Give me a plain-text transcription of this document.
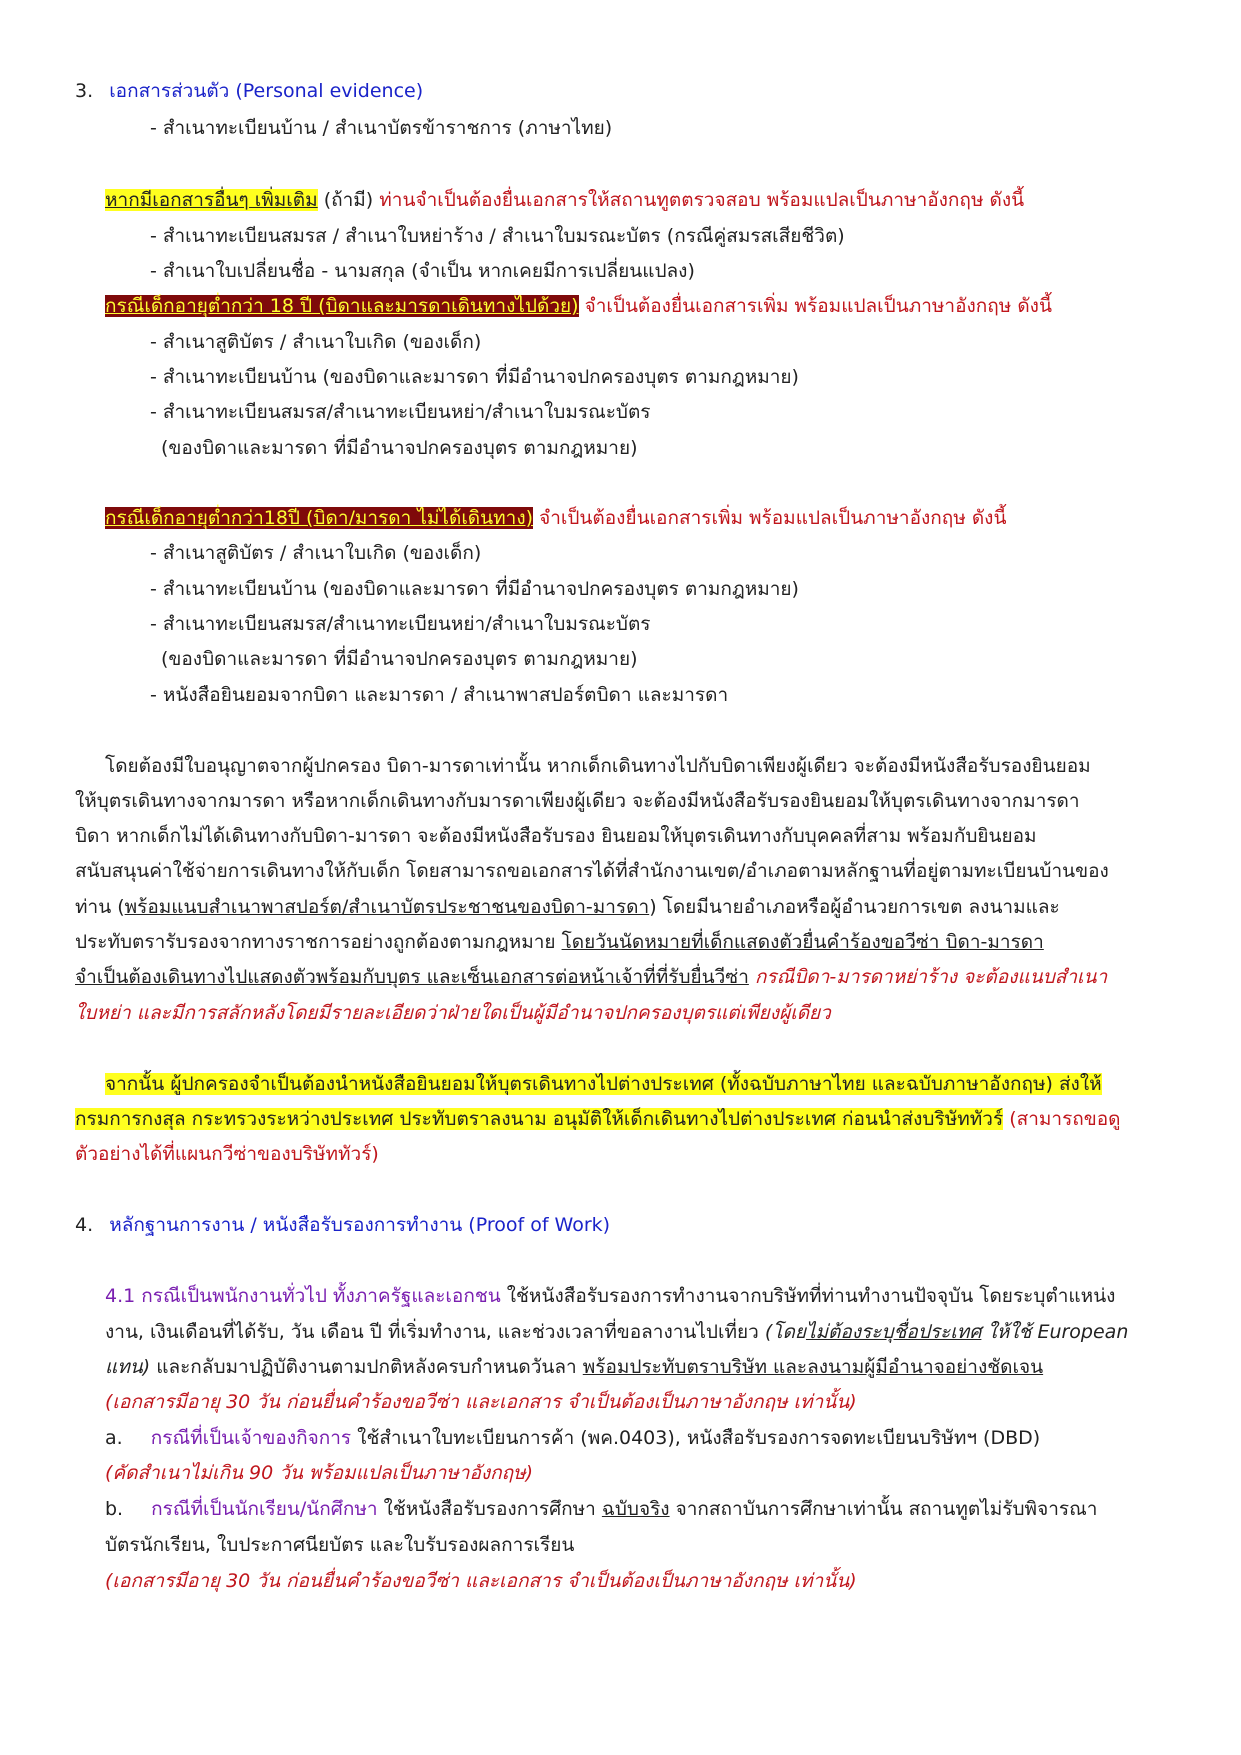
3. เอกสารส่วนตัว (Personal evidence)
- สำเนาทะเบียนบ้าน / สำเนาบัตรข้าราชการ (ภาษาไทย)
หากมีเอกสารอื่นๆ เพิ่มเติม (ถ้ามี) ท่านจำเป็นต้องยื่นเอกสารให้สถานทูตตรวจสอบ พร้อมแปลเป็นภาษาอังกฤษ ดังนี้
- สำเนาทะเบียนสมรส / สำเนาใบหย่าร้าง / สำเนาใบมรณะบัตร (กรณีคู่สมรสเสียชีวิต)
- สำเนาใบเปลี่ยนชื่อ - นามสกุล (จำเป็น หากเคยมีการเปลี่ยนแปลง)
กรณีเด็กอายุต่ำกว่า 18 ปี (บิดาและมารดาเดินทางไปด้วย) จำเป็นต้องยื่นเอกสารเพิ่ม พร้อมแปลเป็นภาษาอังกฤษ ดังนี้
- สำเนาสูติบัตร / สำเนาใบเกิด (ของเด็ก)
- สำเนาทะเบียนบ้าน (ของบิดาและมารดา ที่มีอำนาจปกครองบุตร ตามกฎหมาย)
- สำเนาทะเบียนสมรส/สำเนาทะเบียนหย่า/สำเนาใบมรณะบัตร
(ของบิดาและมารดา ที่มีอำนาจปกครองบุตร ตามกฎหมาย)
กรณีเด็กอายุต่ำกว่า18ปี (บิดา/มารดา ไม่ได้เดินทาง) จำเป็นต้องยื่นเอกสารเพิ่ม พร้อมแปลเป็นภาษาอังกฤษ ดังนี้
- สำเนาสูติบัตร / สำเนาใบเกิด (ของเด็ก)
- สำเนาทะเบียนบ้าน (ของบิดาและมารดา ที่มีอำนาจปกครองบุตร ตามกฎหมาย)
- สำเนาทะเบียนสมรส/สำเนาทะเบียนหย่า/สำเนาใบมรณะบัตร
(ของบิดาและมารดา ที่มีอำนาจปกครองบุตร ตามกฎหมาย)
- หนังสือยินยอมจากบิดา และมารดา / สำเนาพาสปอร์ตบิดา และมารดา
โดยต้องมีใบอนุญาตจากผู้ปกครอง บิดา-มารดาเท่านั้น หากเด็กเดินทางไปกับบิดาเพียงผู้เดียว จะต้องมีหนังสือรับรองยินยอม
ให้บุตรเดินทางจากมารดา หรือหากเด็กเดินทางกับมารดาเพียงผู้เดียว จะต้องมีหนังสือรับรองยินยอมให้บุตรเดินทางจากมารดา
บิดา หากเด็กไม่ได้เดินทางกับบิดา-มารดา จะต้องมีหนังสือรับรอง ยินยอมให้บุตรเดินทางกับบุคคลที่สาม พร้อมกับยินยอม
สนับสนุนค่าใช้จ่ายการเดินทางให้กับเด็ก โดยสามารถขอเอกสารได้ที่สำนักงานเขต/อำเภอตามหลักฐานที่อยู่ตามทะเบียนบ้านของ
ท่าน (พร้อมแนบสำเนาพาสปอร์ต/สำเนาบัตรประชาชนของบิดา-มารดา) โดยมีนายอำเภอหรือผู้อำนวยการเขต ลงนามและ
ประทับตรารับรองจากทางราชการอย่างถูกต้องตามกฎหมาย โดยวันนัดหมายที่เด็กแสดงตัวยื่นคำร้องขอวีซ่า บิดา-มารดา
จำเป็นต้องเดินทางไปแสดงตัวพร้อมกับบุตร และเซ็นเอกสารต่อหน้าเจ้าที่ที่รับยื่นวีซ่า กรณีบิดา-มารดาหย่าร้าง จะต้องแนบสำเนา
ใบหย่า และมีการสลักหลังโดยมีรายละเอียดว่าฝ่ายใดเป็นผู้มีอำนาจปกครองบุตรแต่เพียงผู้เดียว
จากนั้น ผู้ปกครองจำเป็นต้องนำหนังสือยินยอมให้บุตรเดินทางไปต่างประเทศ (ทั้งฉบับภาษาไทย และฉบับภาษาอังกฤษ) ส่งให้
กรมการกงสุล กระทรวงระหว่างประเทศ ประทับตราลงนาม อนุมัติให้เด็กเดินทางไปต่างประเทศ ก่อนนำส่งบริษัททัวร์ (สามารถขอดู
ตัวอย่างได้ที่แผนกวีซ่าของบริษัททัวร์)
4. หลักฐานการงาน / หนังสือรับรองการทำงาน (Proof of Work)
4.1 กรณีเป็นพนักงานทั่วไป ทั้งภาครัฐและเอกชน ใช้หนังสือรับรองการทำงานจากบริษัทที่ท่านทำงานปัจจุบัน โดยระบุตำแหน่ง
งาน, เงินเดือนที่ได้รับ, วัน เดือน ปี ที่เริ่มทำงาน, และช่วงเวลาที่ขอลางานไปเที่ยว (โดยไม่ต้องระบุชื่อประเทศ ให้ใช้ European
แทน) และกลับมาปฏิบัติงานตามปกติหลังครบกำหนดวันลา พร้อมประทับตราบริษัท และลงนามผู้มีอำนาจอย่างชัดเจน
(เอกสารมีอายุ 30 วัน ก่อนยื่นคำร้องขอวีซ่า และเอกสาร จำเป็นต้องเป็นภาษาอังกฤษ เท่านั้น)
a. กรณีที่เป็นเจ้าของกิจการ ใช้สำเนาใบทะเบียนการค้า (พค.0403), หนังสือรับรองการจดทะเบียนบริษัทฯ (DBD)
(คัดสำเนาไม่เกิน 90 วัน พร้อมแปลเป็นภาษาอังกฤษ)
b. กรณีที่เป็นนักเรียน/นักศึกษา ใช้หนังสือรับรองการศึกษา ฉบับจริง จากสถาบันการศึกษาเท่านั้น สถานทูตไม่รับพิจารณา
บัตรนักเรียน, ใบประกาศนียบัตร และใบรับรองผลการเรียน
(เอกสารมีอายุ 30 วัน ก่อนยื่นคำร้องขอวีซ่า และเอกสาร จำเป็นต้องเป็นภาษาอังกฤษ เท่านั้น)
